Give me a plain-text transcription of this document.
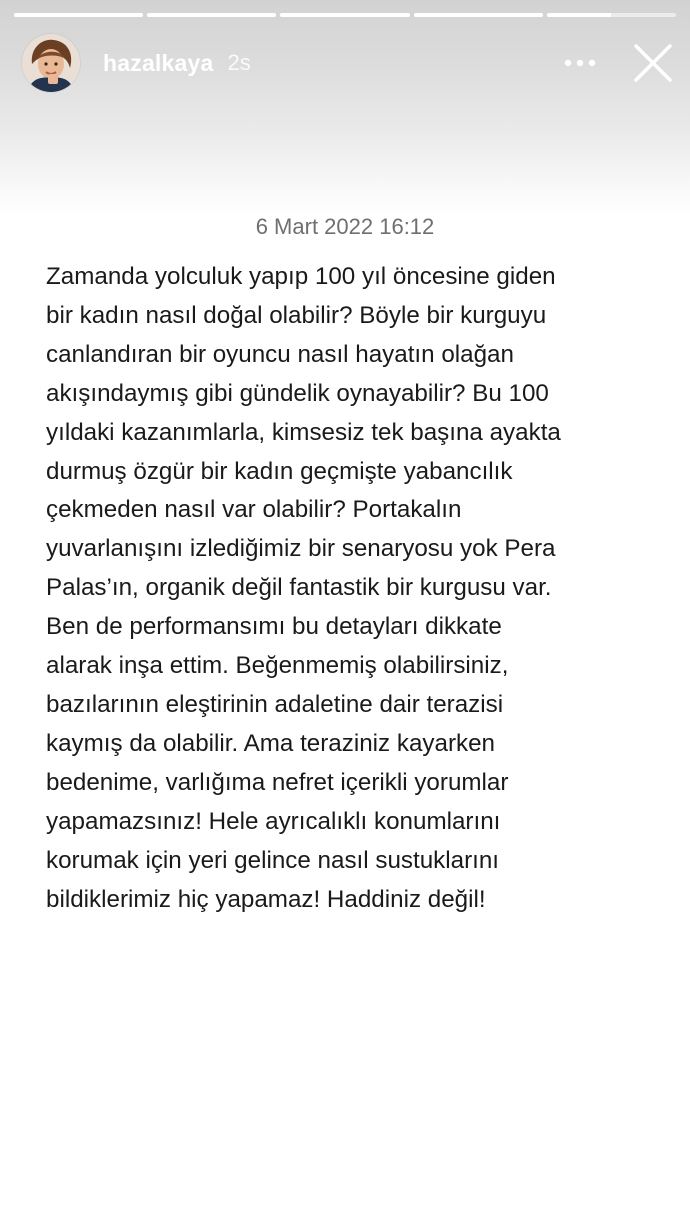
hazalkaya 2s
6 Mart 2022 16:12
Zamanda yolculuk yapıp 100 yıl öncesine giden
bir kadın nasıl doğal olabilir? Böyle bir kurguyu
canlandıran bir oyuncu nasıl hayatın olağan
akışındaymış gibi gündelik oynayabilir? Bu 100
yıldaki kazanımlarla, kimsesiz tek başına ayakta
durmuş özgür bir kadın geçmişte yabancılık
çekmeden nasıl var olabilir? Portakalın
yuvarlanışını izlediğimiz bir senaryosu yok Pera
Palas’ın, organik değil fantastik bir kurgusu var.
Ben de performansımı bu detayları dikkate
alarak inşa ettim. Beğenmemiş olabilirsiniz,
bazılarının eleştirinin adaletine dair terazisi
kaymış da olabilir. Ama teraziniz kayarken
bedenime, varlığıma nefret içerikli yorumlar
yapamazsınız! Hele ayrıcalıklı konumlarını
korumak için yeri gelince nasıl sustuklarını
bildiklerimiz hiç yapamaz! Haddiniz değil!
